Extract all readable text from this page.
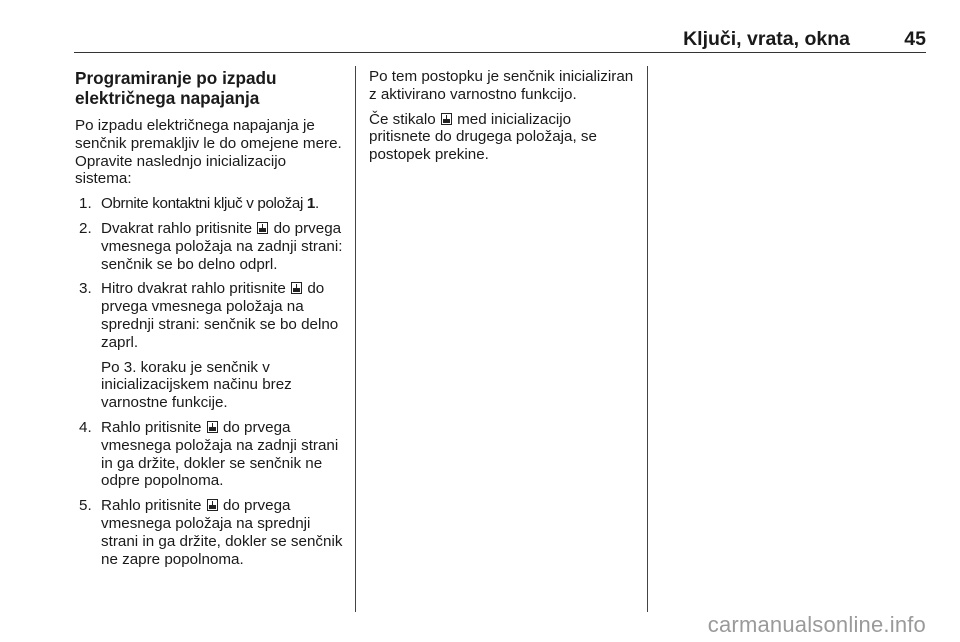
Ključi, vrata, okna	45
Programiranje po izpadu električnega napajanja

Po izpadu električnega napajanja je senčnik premakljiv le do omejene mere. Opravite naslednjo inicializacijo sistema:

1. Obrnite kontaktni ključ v položaj 1.
2. Dvakrat rahlo pritisnite do prvega vmesnega položaja na zadnji strani: senčnik se bo delno odprl.
3. Hitro dvakrat rahlo pritisnite do prvega vmesnega položaja na sprednji strani: senčnik se bo delno zaprl.

Po 3. koraku je senčnik v inicializacijskem načinu brez varnostne funkcije.

4. Rahlo pritisnite do prvega vmesnega položaja na zadnji strani in ga držite, dokler se senčnik ne odpre popolnoma.
5. Rahlo pritisnite do prvega vmesnega položaja na sprednji strani in ga držite, dokler se senčnik ne zapre popolnoma.

Po tem postopku je senčnik inicializiran z aktivirano varnostno funkcijo.

Če stikalo med inicializacijo pritisnete do drugega položaja, se postopek prekine.

carmanualsonline.info
